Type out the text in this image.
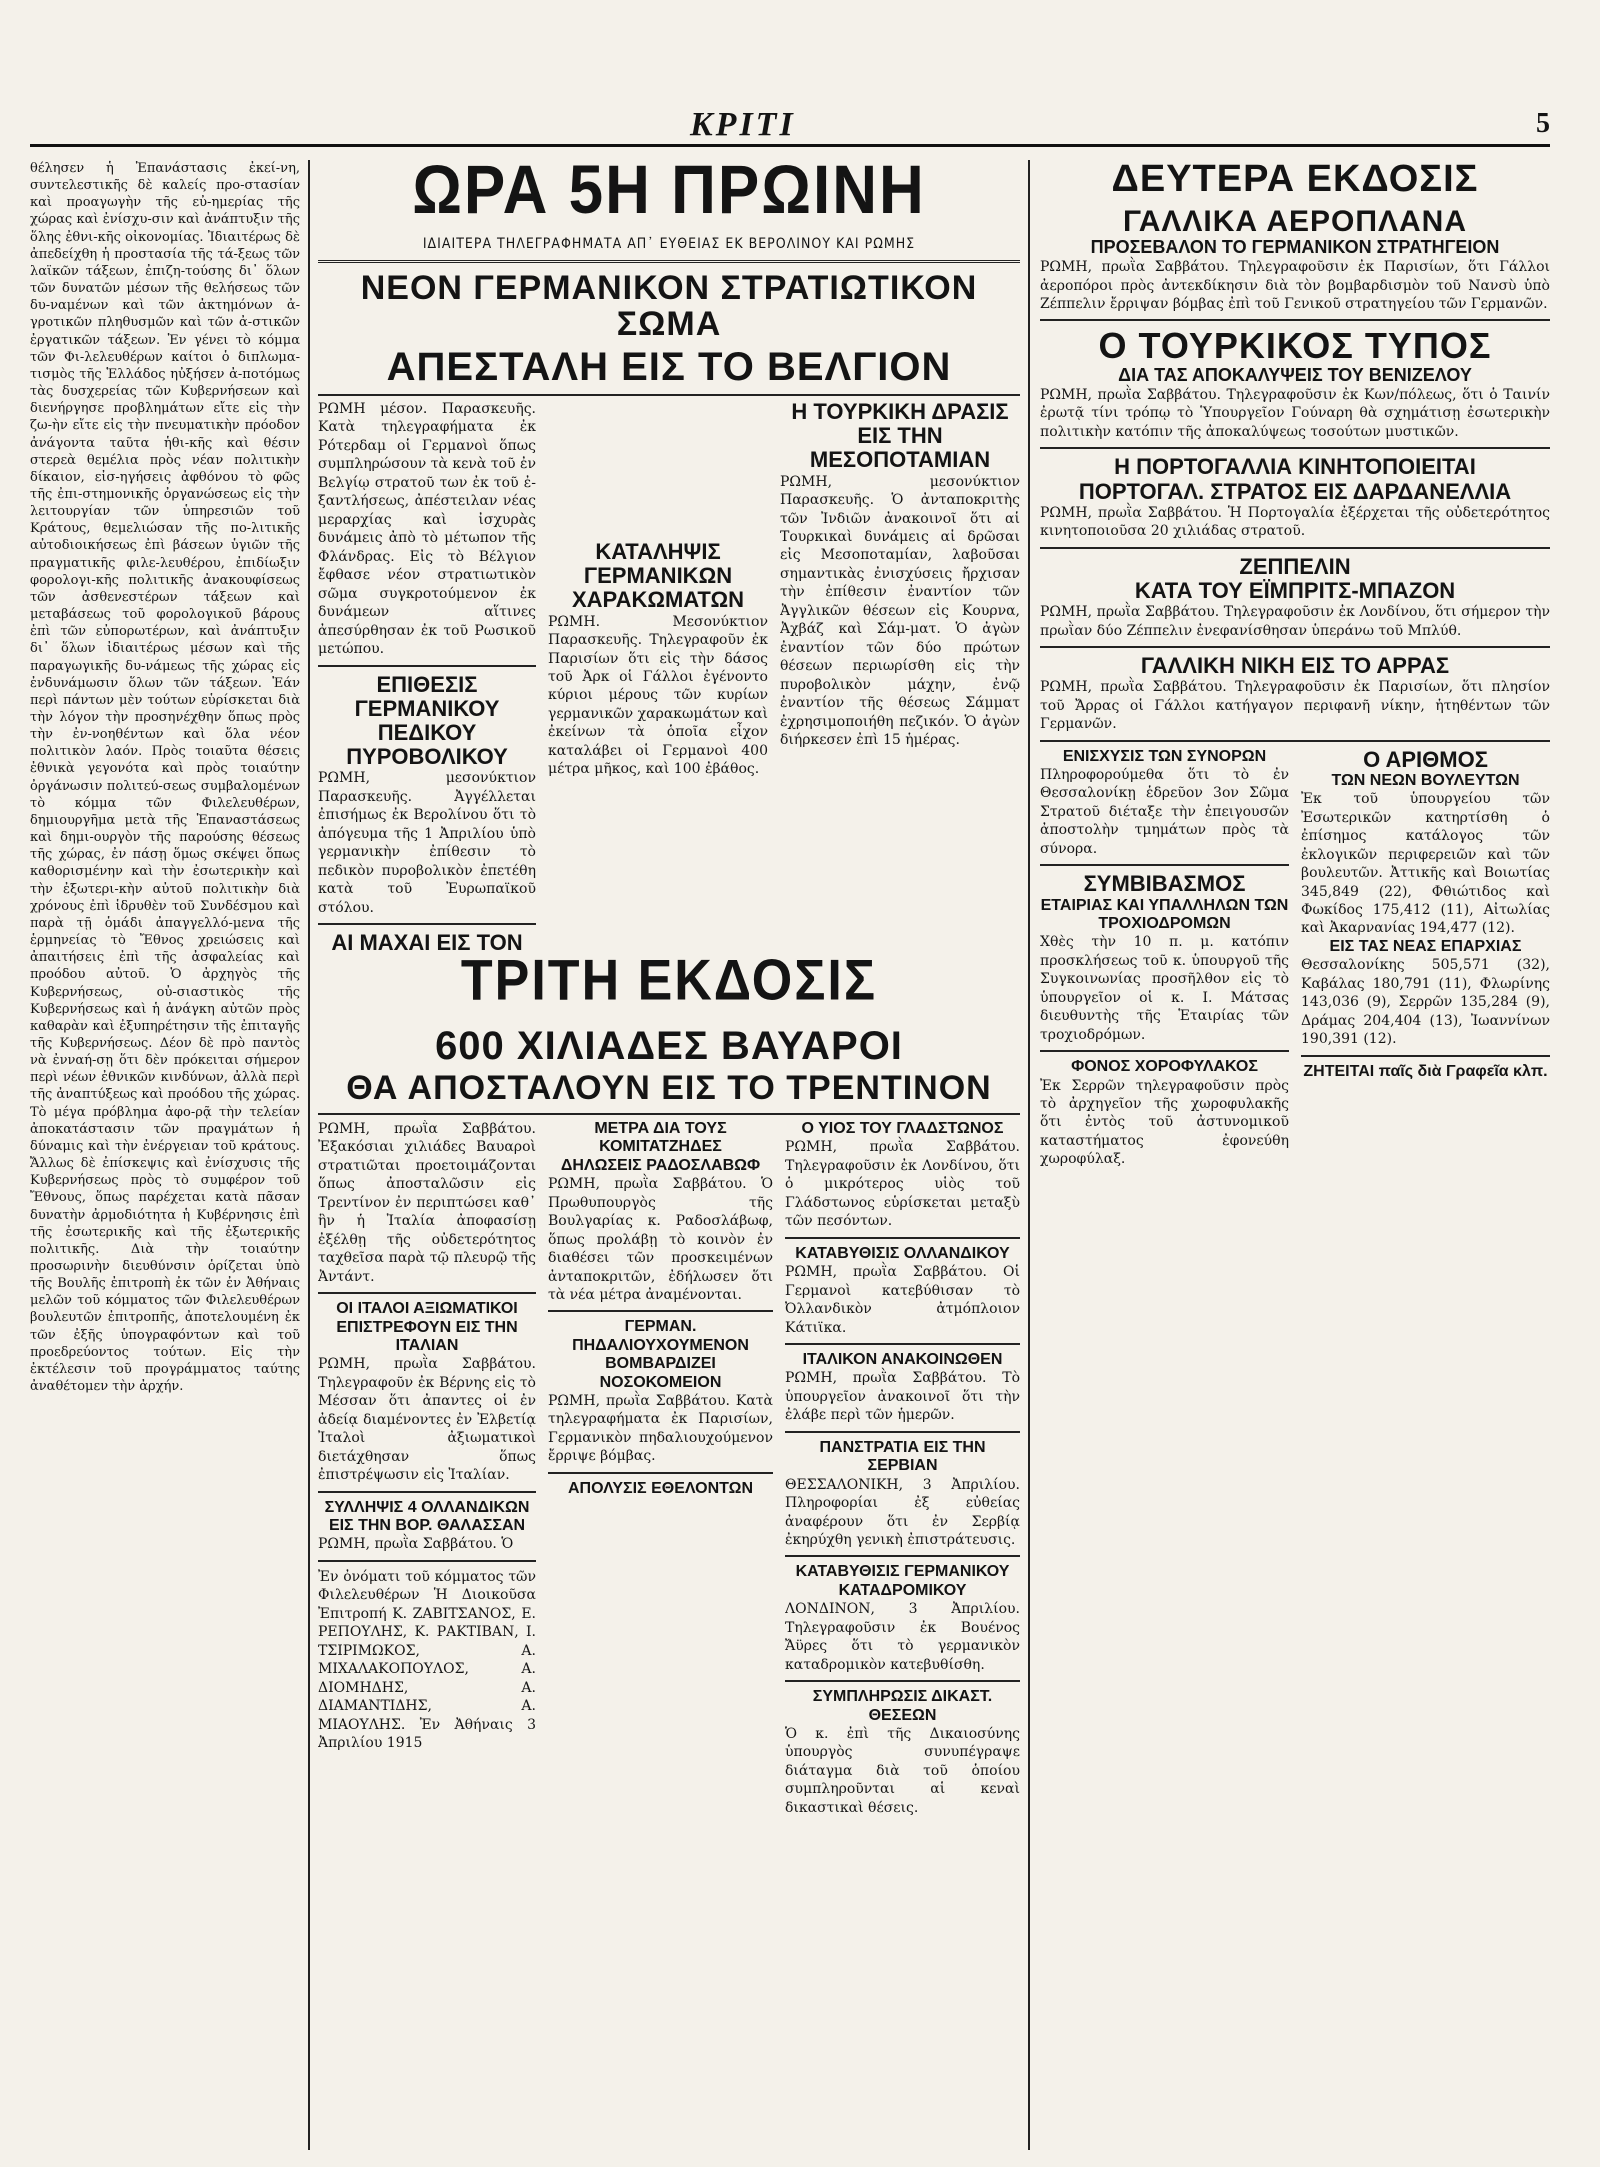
ΚΡΙΤΙ	5

θέλησεν ἡ Ἐπανάστασις ἐκεί-νη, συντελεστικῆς δὲ καλείς προ-στασίαν καὶ προαγωγὴν τῆς εὐ-ημερίας τῆς χώρας καὶ ἐνίσχυ-σιν καὶ ἀνάπτυξιν τῆς ὅλης ἐθνι-κῆς οἰκονομίας. Ἰδιαιτέρως δὲ ἀπεδείχθη ἡ προστασία τῆς τά-ξεως τῶν λαϊκῶν τάξεων, ἐπιζη-τούσης δι᾿ ὅλων τῶν δυνατῶν μέσων τῆς θελήσεως τῶν δυ-ναμένων καὶ τῶν ἀκτημόνων ἀ-γροτικῶν πληθυσμῶν καὶ τῶν ἀ-στικῶν ἐργατικῶν τάξεων. Ἐν γένει τὸ κόμμα τῶν Φι-λελευθέρων καίτοι ὁ διπλωμα-τισμὸς τῆς Ἑλλάδος ηὐξήσεν ἀ-ποτόμως τὰς δυσχερείας τῶν Κυβερνήσεων καὶ διενήργησε προβλημάτων εἴτε εἰς τὴν ζω-ὴν εἴτε εἰς τὴν πνευματικὴν πρόοδον ἀνάγοντα ταῦτα ἡθι-κῆς καὶ θέσιν στερεὰ θεμέλια πρὸς νέαν πολιτικὴν δίκαιον, εἰσ-ηγήσεις ἀφθόνου τὸ φῶς τῆς ἐπι-στημονικῆς ὀργανώσεως εἰς τὴν λειτουργίαν τῶν ὑπηρεσιῶν τοῦ Κράτους, θεμελιώσαν τῆς πο-λιτικῆς αὐτοδιοικήσεως ἐπὶ βάσεων ὑγιῶν τῆς πραγματικῆς φιλε-λευθέρου, ἐπιδίωξιν φορολογι-κῆς πολιτικῆς ἀνακουφίσεως τῶν ἀσθενεστέρων τάξεων καὶ μεταβάσεως τοῦ φορολογικοῦ βάρους ἐπὶ τῶν εὐπορωτέρων, καὶ ἀνάπτυξιν δι᾿ ὅλων ἰδιαιτέρως μέσων καὶ τῆς παραγωγικῆς δυ-νάμεως τῆς χώρας εἰς ἐνδυνάμωσιν ὅλων τῶν τάξεων. Ἐάν περὶ πάντων μὲν τούτων εὑρίσκεται διὰ τὴν λόγον τὴν προσηνέχθην ὅπως πρὸς τὴν ἐν-νοηθέντων καὶ ὅλα νέον πολιτικὸν λαόν. Πρὸς τοιαῦτα θέσεις ἐθνικὰ γεγονότα καὶ πρὸς τοιαύτην ὀργάνωσιν πολιτεύ-σεως συμβαλομένων τὸ κόμμα τῶν Φιλελευθέρων, δημιουργῆμα μετὰ τῆς Ἐπαναστάσεως καὶ δημι-ουργὸν τῆς παρούσης θέσεως τῆς χώρας, ἐν πάσῃ ὅμως σκέψει ὅπως καθορισμένην καὶ τὴν ἐσωτερικὴν καὶ τὴν ἐξωτερι-κὴν αὐτοῦ πολιτικὴν διὰ χρόνους ἐπὶ ἱδρυθὲν τοῦ Συνδέσμου καὶ παρὰ τῇ ὁμάδι ἀπαγγελλό-μενα τῆς ἑρμηνείας τὸ Ἔθνος χρειώσεις καὶ ἀπαιτήσεις ἐπὶ τῆς ἀσφαλείας καὶ προόδου αὐτοῦ. Ὁ ἀρχηγὸς τῆς Κυβερνήσεως, οὐ-σιαστικὸς τῆς Κυβερνήσεως καὶ ἡ ἀνάγκη αὐτῶν πρὸς καθαρὰν καὶ ἐξυπηρέτησιν τῆς ἐπιταγῆς τῆς Κυβερνήσεως. Δέον δὲ πρὸ παντὸς νὰ ἐνναή-σῃ ὅτι δὲν πρόκειται σήμερον περὶ νέων ἐθνικῶν κινδύνων, ἀλλὰ περὶ τῆς ἀναπτύξεως καὶ προόδου τῆς χώρας. Τὸ μέγα πρόβλημα ἀφο-ρᾷ τὴν τελείαν ἀποκατάστασιν τῶν πραγμάτων ἡ δύναμις καὶ τὴν ἐνέργειαν τοῦ κράτους. Ἄλλως δὲ ἐπίσκεψις καὶ ἐνίσχυσις τῆς Κυβερνήσεως πρὸς τὸ συμφέρον τοῦ Ἔθνους, ὅπως παρέχεται κατὰ πᾶσαν δυνατὴν ἀρμοδιότητα ἡ Κυβέρνησις ἐπὶ τῆς ἐσωτερικῆς καὶ τῆς ἐξωτερικῆς πολιτικῆς. Διὰ τὴν τοιαύτην προσωρινὴν διευθύνσιν ὁρίζεται ὑπὸ τῆς Βουλῆς ἐπιτροπὴ ἐκ τῶν ἐν Ἀθήναις μελῶν τοῦ κόμματος τῶν Φιλελευθέρων βουλευτῶν ἐπιτροπῆς, ἀποτελουμένη ἐκ τῶν ἐξῆς ὑπογραφόντων καὶ τοῦ προεδρεύοντος τούτων. Εἰς τὴν ἐκτέλεσιν τοῦ προγράμματος ταύτης ἀναθέτομεν τὴν ἀρχήν.

ΩΡΑ 5Η ΠΡΩΙΝΗ
ΙΔΙΑΙΤΕΡΑ ΤΗΛΕΓΡΑΦΗΜΑΤΑ ΑΠ᾿ ΕΥΘΕΙΑΣ ΕΚ ΒΕΡΟΛΙΝΟΥ ΚΑΙ ΡΩΜΗΣ
ΝΕΟΝ ΓΕΡΜΑΝΙΚΟΝ ΣΤΡΑΤΙΩΤΙΚΟΝ ΣΩΜΑ
ΑΠΕΣΤΑΛΗ ΕΙΣ ΤΟ ΒΕΛΓΙΟΝ

ΡΩΜΗ μέσον. Παρασκευῆς. Κατὰ τηλεγραφήματα ἐκ Ρότερδαμ οἱ Γερμανοὶ ὅπως συμπληρώσουν τὰ κενὰ τοῦ ἐν Βελγίῳ στρατοῦ των ἐκ τοῦ ἐ-ξαντλήσεως, ἀπέστειλαν νέας μεραρχίας καὶ ἰσχυρὰς δυνάμεις ἀπὸ τὸ μέτωπον τῆς Φλάνδρας. Εἰς τὸ Βέλγιον ἔφθασε νέον στρατιωτικὸν σῶμα συγκροτούμενον ἐκ δυνάμεων αἵτινες ἀπεσύρθησαν ἐκ τοῦ Ρωσικοῦ μετώπου.

ΕΠΙΘΕΣΙΣ ΓΕΡΜΑΝΙΚΟΥ ΠΕΔΙΚΟΥ ΠΥΡΟΒΟΛΙΚΟΥ

ΡΩΜΗ, μεσονύκτιον Παρασκευῆς. Ἀγγέλλεται ἐπισήμως ἐκ Βερολίνου ὅτι τὸ ἀπόγευμα τῆς 1 Ἀπριλίου ὑπὸ γερμανικὴν ἐπίθεσιν τὸ πεδικὸν πυροβολικὸν ἐπετέθη κατὰ τοῦ Ἐυρωπαϊκοῦ στόλου.

ΑΙ ΜΑΧΑΙ ΕΙΣ ΤΟΝ

ΚΑΤΑΛΗΨΙΣ ΓΕΡΜΑΝΙΚΩΝ ΧΑΡΑΚΩΜΑΤΩΝ

ΡΩΜΗ. Μεσονύκτιον Παρασκευῆς. Τηλεγραφοῦν ἐκ Παρισίων ὅτι εἰς τὴν δάσος τοῦ Ἀρκ οἱ Γάλλοι ἐγένοντο κύριοι μέρους τῶν κυρίων γερμανικῶν χαρακωμάτων καὶ ἐκείνων τὰ ὁποῖα εἶχον καταλάβει οἱ Γερμανοὶ 400 μέτρα μῆκος, καὶ 100 ἐβάθος.

Η ΤΟΥΡΚΙΚΗ ΔΡΑΣΙΣ ΕΙΣ ΤΗΝ ΜΕΣΟΠΟΤΑΜΙΑΝ

ΡΩΜΗ, μεσονύκτιον Παρασκευῆς. Ὁ ἀνταποκριτὴς τῶν Ἰνδιῶν ἀνακοινοῖ ὅτι αἱ Τουρκικαὶ δυνάμεις αἱ δρῶσαι εἰς Μεσοποταμίαν, λαβοῦσαι σημαντικὰς ἐνισχύσεις ἤρχισαν τὴν ἐπίθεσιν ἐναντίον τῶν Ἀγγλικῶν θέσεων εἰς Κουρνα, Ἀχβάζ καὶ Σάμ-ματ. Ὁ ἀγὼν ἐναντίον τῶν δύο πρώτων θέσεων περιωρίσθη εἰς τὴν πυροβολικὸν μάχην, ἐνῷ ἐναντίον τῆς θέσεως Σάμματ ἐχρησιμοποιήθη πεζικόν. Ὁ ἀγὼν διήρκεσεν ἐπὶ 15 ἡμέρας.

ΤΡΙΤΗ ΕΚΔΟΣΙΣ
600 ΧΙΛΙΑΔΕΣ ΒΑΥΑΡΟΙ
ΘΑ ΑΠΟΣΤΑΛΟΥΝ ΕΙΣ ΤΟ ΤΡΕΝΤΙΝΟΝ

ΡΩΜΗ, πρωῒα Σαββάτου. Ἐξακόσιαι χιλιάδες Βαυαροὶ στρατιῶται προετοιμάζονται ὅπως ἀποσταλῶσιν εἰς Τρεντίνον ἐν περιπτώσει καθ᾿ ἣν ἡ Ἰταλία ἀποφασίσῃ ἐξέλθῃ τῆς οὐδετερότητος ταχθεῖσα παρὰ τῷ πλευρῷ τῆς Ἀντάντ.

ΟΙ ΙΤΑΛΟΙ ΑΞΙΩΜΑΤΙΚΟΙ ΕΠΙΣΤΡΕΦΟΥΝ ΕΙΣ ΤΗΝ ΙΤΑΛΙΑΝ

ΡΩΜΗ, πρωῒα Σαββάτου. Τηλεγραφοῦν ἐκ Βέρνης εἰς τὸ Μέσσαν ὅτι ἀπαντες οἱ ἐν ἀδείᾳ διαμένοντες ἐν Ἐλβετίᾳ Ἰταλοὶ ἀξιωματικοὶ διετάχθησαν ὅπως ἐπιστρέψωσιν εἰς Ἰταλίαν.

ΣΥΛΛΗΨΙΣ 4 ΟΛΛΑΝΔΙΚΩΝ ΕΙΣ ΤΗΝ ΒΟΡ. ΘΑΛΑΣΣΑΝ

ΡΩΜΗ, πρωῒα Σαββάτου. Ὁ

Ἐν ὀνόματι τοῦ κόμματος τῶν Φιλελευθέρων Ἡ Διοικοῦσα Ἐπιτροπή Κ. ΖΑΒΙΤΣΑΝΟΣ, Ε. ΡΕΠΟΥΛΗΣ, Κ. ΡΑΚΤΙΒΑΝ, Ι. ΤΣΙΡΙΜΩΚΟΣ, Α. ΜΙΧΑΛΑΚΟΠΟΥΛΟΣ, Α. ΔΙΟΜΗΔΗΣ, Α. ΔΙΑΜΑΝΤΙΔΗΣ, Α. ΜΙΑΟΥΛΗΣ. Ἐν Ἀθήναις 3 Ἀπριλίου 1915

ΜΕΤΡΑ ΔΙΑ ΤΟΥΣ ΚΟΜΙΤΑΤΖΗΔΕΣ
ΔΗΛΩΣΕΙΣ ΡΑΔΟΣΛΑΒΩΦ

ΡΩΜΗ, πρωῒα Σαββάτου. Ὁ Πρωθυπουργὸς τῆς Βουλγαρίας κ. Ραδοσλάβωφ, ὅπως προλάβῃ τὸ κοινὸν ἐν διαθέσει τῶν προσκειμένων ἀνταποκριτῶν, ἐδήλωσεν ὅτι τὰ νέα μέτρα ἀναμένονται.

ΓΕΡΜΑΝ. ΠΗΔΑΛΙΟΥΧΟΥΜΕΝΟΝ ΒΟΜΒΑΡΔΙΖΕΙ ΝΟΣΟΚΟΜΕΙΟΝ

ΡΩΜΗ, πρωῒα Σαββάτου. Κατὰ τηλεγραφήματα ἐκ Παρισίων, Γερμανικὸν πηδαλιουχούμενον ἔρριψε βόμβας.

ΑΠΟΛΥΣΙΣ ΕΘΕΛΟΝΤΩΝ
Ο ΥΙΟΣ ΤΟΥ ΓΛΑΔΣΤΩΝΟΣ

ΡΩΜΗ, πρωῒα Σαββάτου. Τηλεγραφοῦσιν ἐκ Λονδίνου, ὅτι ὁ μικρότερος υἱὸς τοῦ Γλάδστωνος εὑρίσκεται μεταξὺ τῶν πεσόντων.

ΚΑΤΑΒΥΘΙΣΙΣ ΟΛΛΑΝΔΙΚΟΥ

ΡΩΜΗ, πρωῒα Σαββάτου. Οἱ Γερμανοὶ κατεβύθισαν τὸ Ὀλλανδικὸν ἀτμόπλοιον Κάτιϊκα.

ΙΤΑΛΙΚΟΝ ΑΝΑΚΟΙΝΩΘΕΝ

ΡΩΜΗ, πρωῒα Σαββάτου. Τὸ ὑπουργεῖον ἀνακοινοῖ ὅτι τὴν ἐλάβε περὶ τῶν ἡμερῶν.

ΠΑΝΣΤΡΑΤΙΑ ΕΙΣ ΤΗΝ ΣΕΡΒΙΑΝ

ΘΕΣΣΑΛΟΝΙΚΗ, 3 Ἀπριλίου. Πληροφορίαι ἐξ εὐθείας ἀναφέρουν ὅτι ἐν Σερβίᾳ ἐκηρύχθη γενικὴ ἐπιστράτευσις.

ΚΑΤΑΒΥΘΙΣΙΣ ΓΕΡΜΑΝΙΚΟΥ ΚΑΤΑΔΡΟΜΙΚΟΥ

ΛΟΝΔΙΝΟΝ, 3 Ἀπριλίου. Τηλεγραφοῦσιν ἐκ Βουένος Ἄϋρες ὅτι τὸ γερμανικὸν καταδρομικὸν κατεβυθίσθη.

ΣΥΜΠΛΗΡΩΣΙΣ ΔΙΚΑΣΤ. ΘΕΣΕΩΝ

Ὁ κ. ἐπὶ τῆς Δικαιοσύνης ὑπουργὸς συνυπέγραψε διάταγμα διὰ τοῦ ὁποίου συμπληροῦνται αἱ κεναὶ δικαστικαὶ θέσεις.

ΔΕΥΤΕΡΑ ΕΚΔΟΣΙΣ
ΓΑΛΛΙΚΑ ΑΕΡΟΠΛΑΝΑ
ΠΡΟΣΕΒΑΛΟΝ ΤΟ ΓΕΡΜΑΝΙΚΟΝ ΣΤΡΑΤΗΓΕΙΟΝ

ΡΩΜΗ, πρωῒα Σαββάτου. Τηλεγραφοῦσιν ἐκ Παρισίων, ὅτι Γάλλοι ἀεροπόροι πρὸς ἀντεκδίκησιν διὰ τὸν βομβαρδισμὸν τοῦ Νανσὺ ὑπὸ Ζέππελιν ἔρριψαν βόμβας ἐπὶ τοῦ Γενικοῦ στρατηγείου τῶν Γερμανῶν.

Ο ΤΟΥΡΚΙΚΟΣ ΤΥΠΟΣ
ΔΙΑ ΤΑΣ ΑΠΟΚΑΛΥΨΕΙΣ ΤΟΥ ΒΕΝΙΖΕΛΟΥ

ΡΩΜΗ, πρωῒα Σαββάτου. Τηλεγραφοῦσιν ἐκ Κων/πόλεως, ὅτι ὁ Ταινίν ἐρωτᾷ τίνι τρόπῳ τὸ Ὑπουργεῖον Γούναρη θὰ σχημάτισῃ ἐσωτερικὴν πολιτικὴν κατόπιν τῆς ἀποκαλύψεως τοσούτων μυστικῶν.

Η ΠΟΡΤΟΓΑΛΛΙΑ ΚΙΝΗΤΟΠΟΙΕΙΤΑΙ
ΠΟΡΤΟΓΑΛ. ΣΤΡΑΤΟΣ ΕΙΣ ΔΑΡΔΑΝΕΛΛΙΑ

ΡΩΜΗ, πρωῒα Σαββάτου. Ἡ Πορτογαλία ἐξέρχεται τῆς οὐδετερότητος κινητοποιοῦσα 20 χιλιάδας στρατοῦ.

ΖΕΠΠΕΛΙΝ
ΚΑΤΑ ΤΟΥ ΕΪΜΠΡΙΤΣ-ΜΠΑΖΟΝ

ΡΩΜΗ, πρωῒα Σαββάτου. Τηλεγραφοῦσιν ἐκ Λονδίνου, ὅτι σήμερον τὴν πρωῒαν δύο Ζέππελιν ἐνεφανίσθησαν ὑπεράνω τοῦ Μπλύθ.

ΓΑΛΛΙΚΗ ΝΙΚΗ ΕΙΣ ΤΟ ΑΡΡΑΣ

ΡΩΜΗ, πρωῒα Σαββάτου. Τηλεγραφοῦσιν ἐκ Παρισίων, ὅτι πλησίον τοῦ Ἄρρας οἱ Γάλλοι κατήγαγον περιφανῆ νίκην, ἡτηθέντων τῶν Γερμανῶν.

ΕΝΙΣΧΥΣΙΣ ΤΩΝ ΣΥΝΟΡΩΝ

Πληροφορούμεθα ὅτι τὸ ἐν Θεσσαλονίκῃ ἑδρεῦον 3ον Σῶμα Στρατοῦ διέταξε τὴν ἐπειγουσῶν ἀποστολὴν τμημάτων πρὸς τὰ σύνορα.

ΣΥΜΒΙΒΑΣΜΟΣ
ΕΤΑΙΡΙΑΣ ΚΑΙ ΥΠΑΛΛΗΛΩΝ ΤΩΝ ΤΡΟΧΙΟΔΡΟΜΩΝ

Χθὲς τὴν 10 π. μ. κατόπιν προσκλήσεως τοῦ κ. ὑπουργοῦ τῆς Συγκοινωνίας προσῆλθον εἰς τὸ ὑπουργεῖον οἱ κ. Ι. Μάτσας διευθυντὴς τῆς Ἑταιρίας τῶν τροχιοδρόμων.

ΦΟΝΟΣ ΧΟΡΟΦΥΛΑΚΟΣ

Ἐκ Σερρῶν τηλεγραφοῦσιν πρὸς τὸ ἀρχηγεῖον τῆς χωροφυλακῆς ὅτι ἐντὸς τοῦ ἀστυνομικοῦ καταστήματος ἐφονεύθη χωροφύλαξ.

Ο ΑΡΙΘΜΟΣ
ΤΩΝ ΝΕΩΝ ΒΟΥΛΕΥΤΩΝ

Ἐκ τοῦ ὑπουργείου τῶν Ἐσωτερικῶν κατηρτίσθη ὁ ἐπίσημος κατάλογος τῶν ἐκλογικῶν περιφερειῶν καὶ τῶν βουλευτῶν. Ἀττικῆς καὶ Βοιωτίας 345,849 (22), Φθιώτιδος καὶ Φωκίδος 175,412 (11), Αἰτωλίας καὶ Ἀκαρνανίας 194,477 (12).

ΕΙΣ ΤΑΣ ΝΕΑΣ ΕΠΑΡΧΙΑΣ

Θεσσαλονίκης 505,571 (32), Καβάλας 180,791 (11), Φλωρίνης 143,036 (9), Σερρῶν 135,284 (9), Δράμας 204,404 (13), Ἰωαννίνων 190,391 (12).

ΖΗΤΕΙΤΑΙ παῖς διὰ Γραφεῖα κλπ.
